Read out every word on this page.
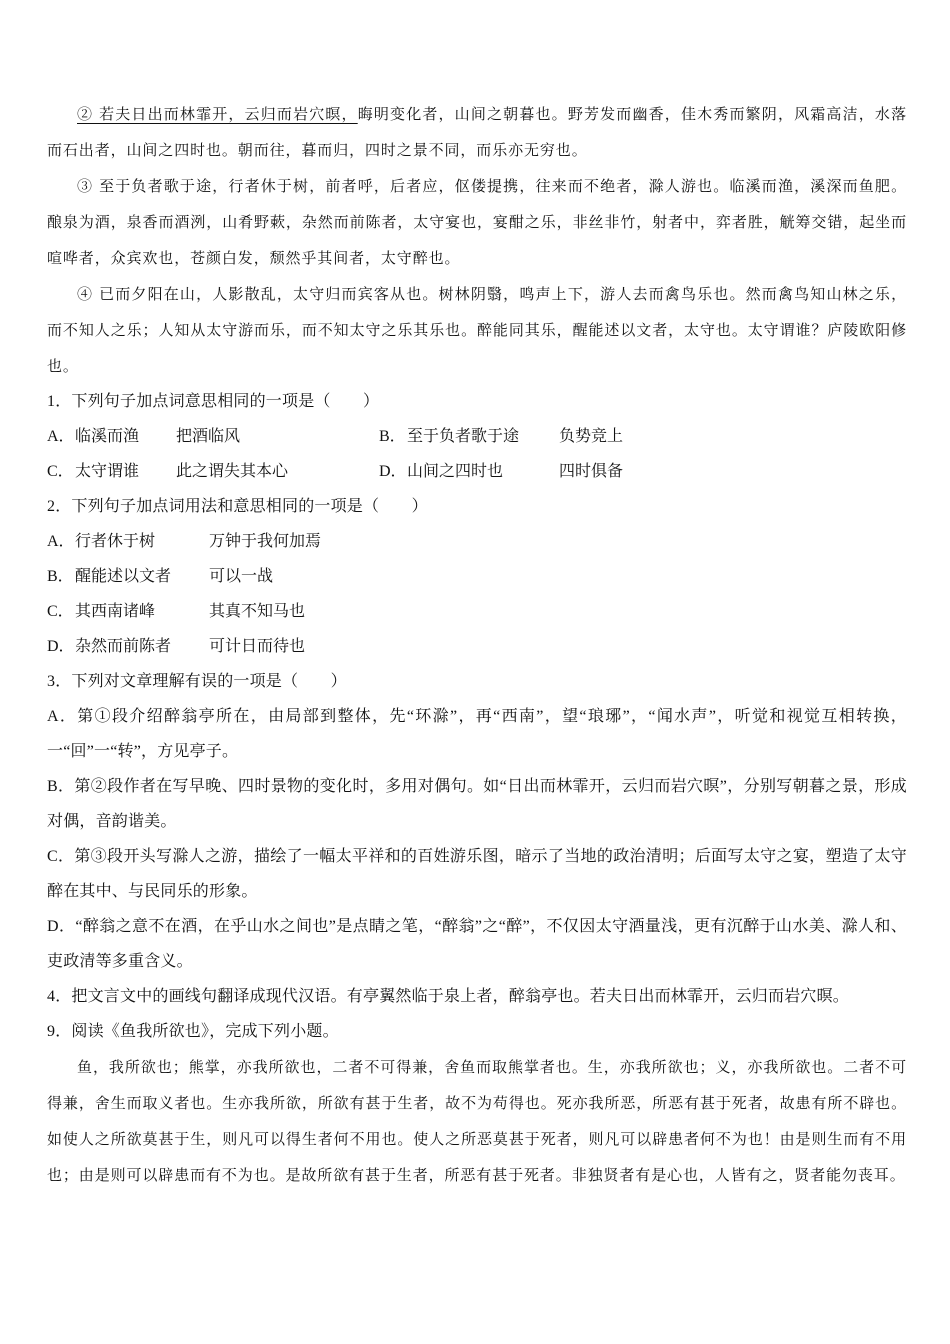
② 若夫日出而林霏开，云归而岩穴暝，晦明变化者，山间之朝暮也。野芳发而幽香，佳木秀而繁阴，风霜高洁，水落而石出者，山间之四时也。朝而往，暮而归，四时之景不同，而乐亦无穷也。

③ 至于负者歌于途，行者休于树，前者呼，后者应，伛偻提携，往来而不绝者，滁人游也。临溪而渔，溪深而鱼肥。酿泉为酒，泉香而酒洌，山肴野蔌，杂然而前陈者，太守宴也，宴酣之乐，非丝非竹，射者中，弈者胜，觥筹交错，起坐而喧哗者，众宾欢也，苍颜白发，颓然乎其间者，太守醉也。

④ 已而夕阳在山，人影散乱，太守归而宾客从也。树林阴翳，鸣声上下，游人去而禽鸟乐也。然而禽鸟知山林之乐，而不知人之乐；人知从太守游而乐，而不知太守之乐其乐也。醉能同其乐，醒能述以文者，太守也。太守谓谁？庐陵欧阳修也。

1．下列句子加点词意思相同的一项是（　　）

A． 临溪而渔	把酒临风	B． 至于负者歌于途	负势竞上
C． 太守谓谁	此之谓失其本心	D． 山间之四时也	四时俱备

2．下列句子加点词用法和意思相同的一项是（　　）

A． 行者休于树	万钟于我何加焉
B． 醒能述以文者	可以一战
C． 其西南诸峰	其真不知马也
D． 杂然而前陈者	可计日而待也

3．下列对文章理解有误的一项是（　　）

A．第①段介绍醉翁亭所在，由局部到整体，先“环滁”，再“西南”，望“琅琊”，“闻水声”，听觉和视觉互相转换，一“回”一“转”，方见亭子。

B．第②段作者在写早晚、四时景物的变化时，多用对偶句。如“日出而林霏开，云归而岩穴暝”，分别写朝暮之景，形成对偶，音韵谐美。

C．第③段开头写滁人之游，描绘了一幅太平祥和的百姓游乐图，暗示了当地的政治清明；后面写太守之宴，塑造了太守醉在其中、与民同乐的形象。

D．“醉翁之意不在酒，在乎山水之间也”是点睛之笔，“醉翁”之“醉”，不仅因太守酒量浅，更有沉醉于山水美、滁人和、吏政清等多重含义。

4．把文言文中的画线句翻译成现代汉语。有亭翼然临于泉上者，醉翁亭也。若夫日出而林霏开，云归而岩穴暝。

9．阅读《鱼我所欲也》，完成下列小题。

鱼，我所欲也；熊掌，亦我所欲也，二者不可得兼，舍鱼而取熊掌者也。生，亦我所欲也；义，亦我所欲也。二者不可得兼，舍生而取义者也。生亦我所欲，所欲有甚于生者，故不为苟得也。死亦我所恶，所恶有甚于死者，故患有所不辟也。如使人之所欲莫甚于生，则凡可以得生者何不用也。使人之所恶莫甚于死者，则凡可以辟患者何不为也！由是则生而有不用也；由是则可以辟患而有不为也。是故所欲有甚于生者，所恶有甚于死者。非独贤者有是心也，人皆有之，贤者能勿丧耳。
